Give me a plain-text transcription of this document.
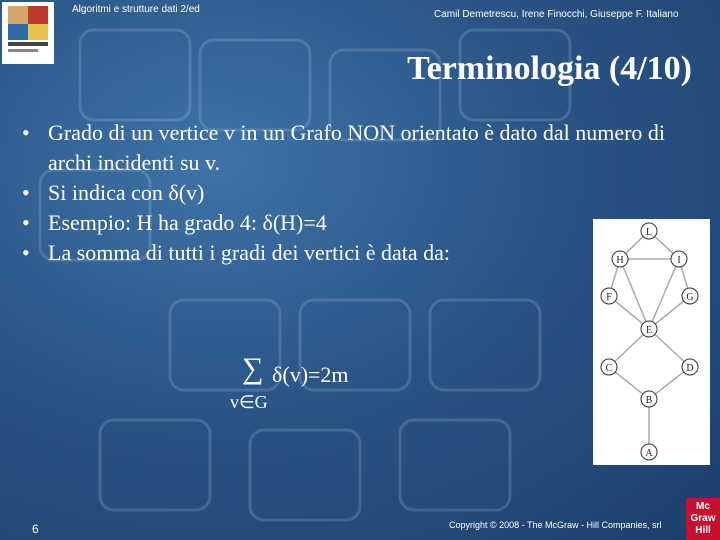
Algoritmi e strutture dati 2/ed	Camil Demetrescu, Irene Finocchi, Giuseppe F. Italiano
Terminologia (4/10)
• Grado di un vertice v in un Grafo NON orientato è dato dal numero di archi incidenti su v.
• Si indica con δ(v)
• Esempio: H ha grado 4: δ(H)=4
• La somma di tutti i gradi dei vertici è data da:
∑ δ(v)=2m
v∈G
L
H	I
F	G
E
C	D
B
A
6	Copyright © 2008 - The McGraw - Hill Companies, srl
Mc
Graw
Hill
